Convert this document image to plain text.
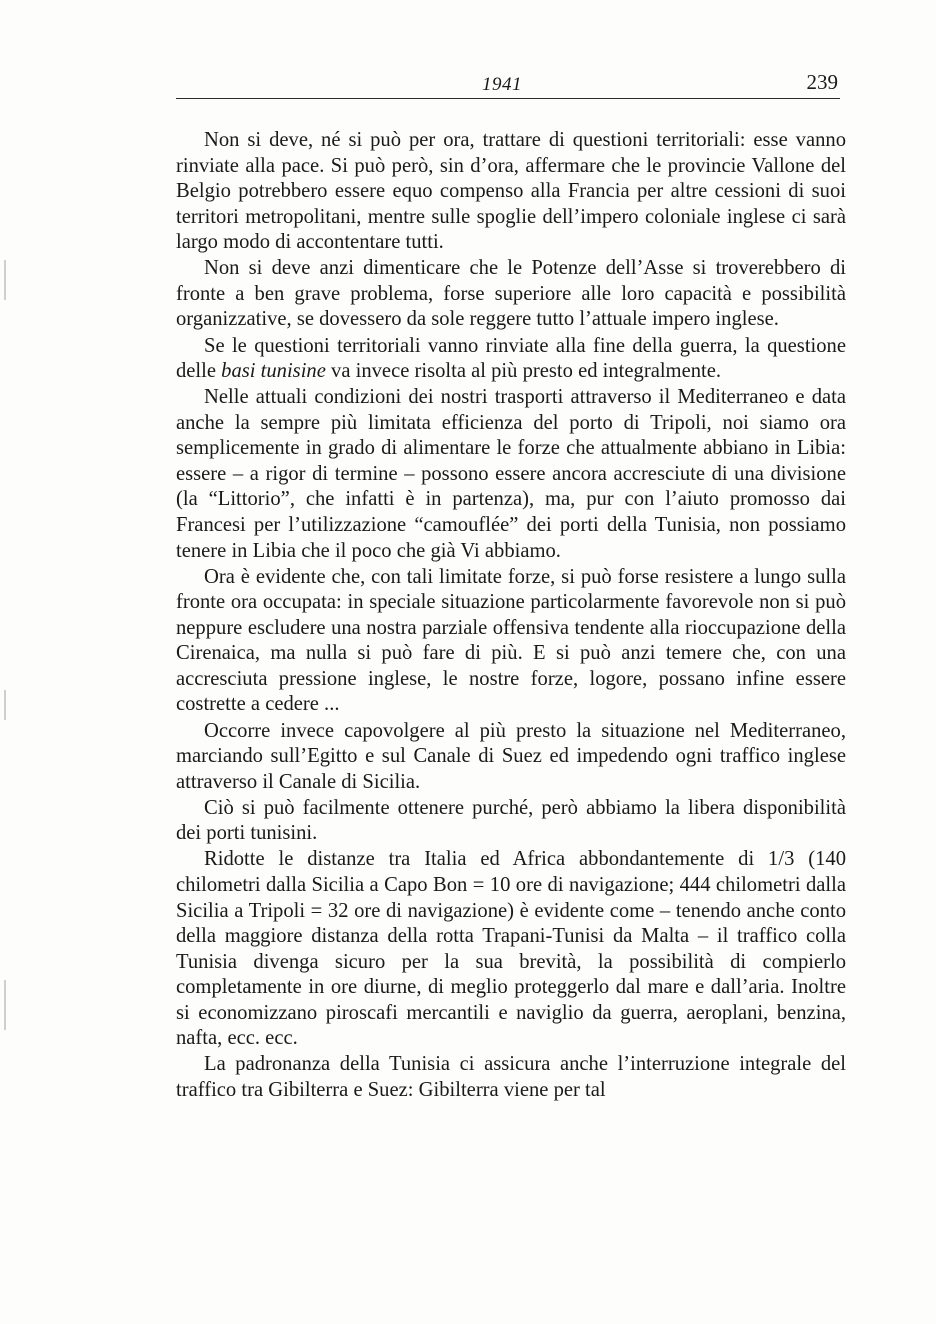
1941	239

Non si deve, né si può per ora, trattare di questioni territoriali: esse vanno rinviate alla pace. Si può però, sin d’ora, affermare che le provincie Vallone del Belgio potrebbero essere equo compenso alla Francia per altre cessioni di suoi territori metropolitani, mentre sulle spoglie dell’impero coloniale inglese ci sarà largo modo di accontentare tutti.

Non si deve anzi dimenticare che le Potenze dell’Asse si troverebbero di fronte a ben grave problema, forse superiore alle loro capacità e possibilità organizzative, se dovessero da sole reggere tutto l’attuale impero inglese.

Se le questioni territoriali vanno rinviate alla fine della guerra, la questione delle basi tunisine va invece risolta al più presto ed integralmente.

Nelle attuali condizioni dei nostri trasporti attraverso il Mediterraneo e data anche la sempre più limitata efficienza del porto di Tripoli, noi siamo ora semplicemente in grado di alimentare le forze che attualmente abbiano in Libia: essere – a rigor di termine – possono essere ancora accresciute di una divisione (la “Littorio”, che infatti è in partenza), ma, pur con l’aiuto promosso dai Francesi per l’utilizzazione “camouflée” dei porti della Tunisia, non possiamo tenere in Libia che il poco che già Vi abbiamo.

Ora è evidente che, con tali limitate forze, si può forse resistere a lungo sulla fronte ora occupata: in speciale situazione particolarmente favorevole non si può neppure escludere una nostra parziale offensiva tendente alla rioccupazione della Cirenaica, ma nulla si può fare di più. E si può anzi temere che, con una accresciuta pressione inglese, le nostre forze, logore, possano infine essere costrette a cedere ...

Occorre invece capovolgere al più presto la situazione nel Mediterraneo, marciando sull’Egitto e sul Canale di Suez ed impedendo ogni traffico inglese attraverso il Canale di Sicilia.

Ciò si può facilmente ottenere purché, però abbiamo la libera disponibilità dei porti tunisini.

Ridotte le distanze tra Italia ed Africa abbondantemente di 1/3 (140 chilometri dalla Sicilia a Capo Bon = 10 ore di navigazione; 444 chilometri dalla Sicilia a Tripoli = 32 ore di navigazione) è evidente come – tenendo anche conto della maggiore distanza della rotta Trapani-Tunisi da Malta – il traffico colla Tunisia divenga sicuro per la sua brevità, la possibilità di compierlo completamente in ore diurne, di meglio proteggerlo dal mare e dall’aria. Inoltre si economizzano piroscafi mercantili e naviglio da guerra, aeroplani, benzina, nafta, ecc. ecc.

La padronanza della Tunisia ci assicura anche l’interruzione integrale del traffico tra Gibilterra e Suez: Gibilterra viene per tal
